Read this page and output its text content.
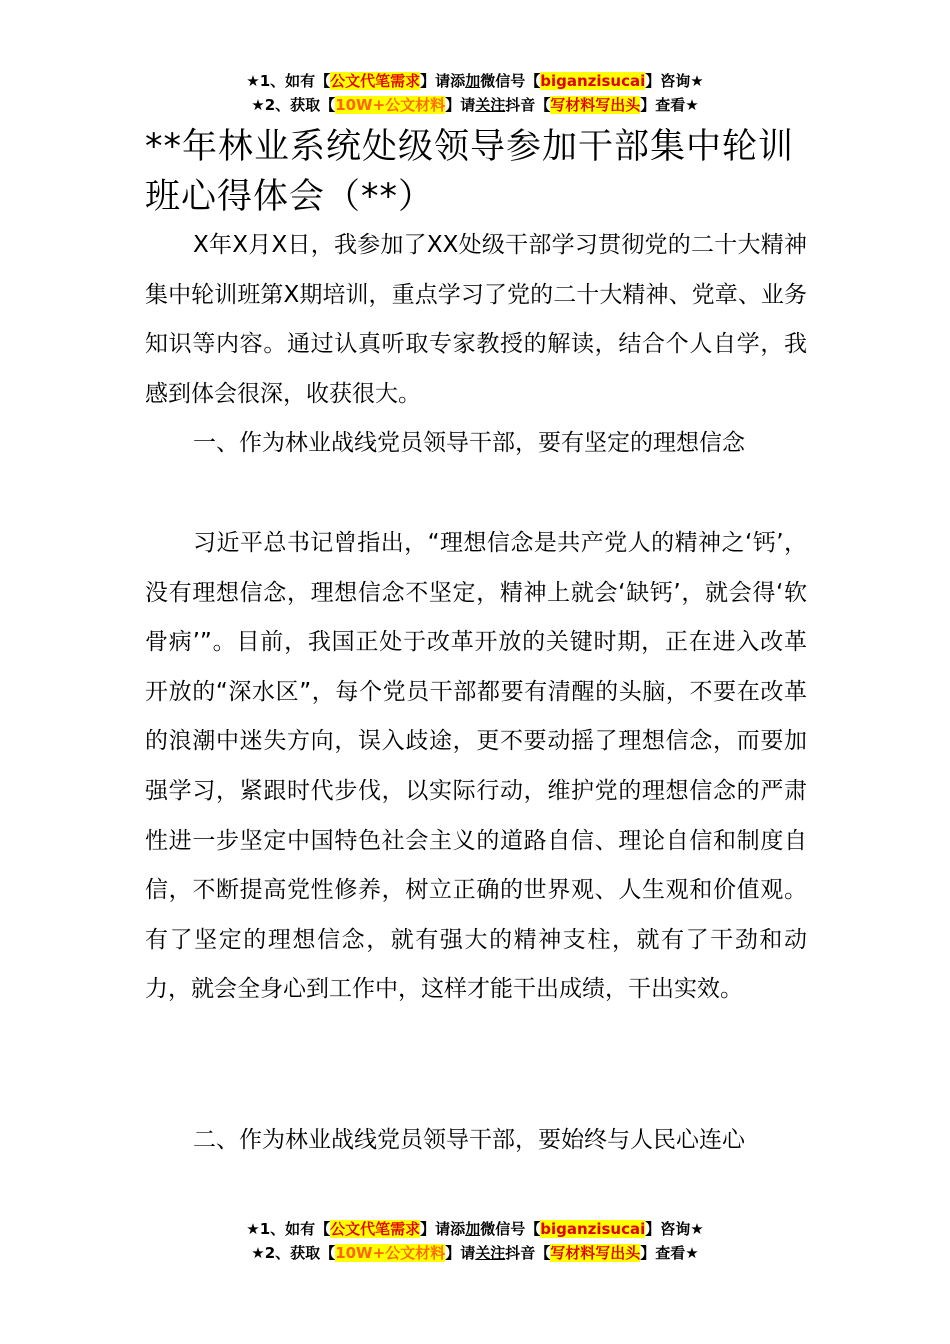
★1、如有【公文代笔需求】请添加微信号【biganzisucai】咨询★
★2、获取【10W+公文材料】请关注抖音【写材料写出头】查看★
**年林业系统处级领导参加干部集中轮训班心得体会（**）

X年X月X日，我参加了XX处级干部学习贯彻党的二十大精神集中轮训班第X期培训，重点学习了党的二十大精神、党章、业务知识等内容。通过认真听取专家教授的解读，结合个人自学，我感到体会很深，收获很大。

一、作为林业战线党员领导干部，要有坚定的理想信念

习近平总书记曾指出，“理想信念是共产党人的精神之‘钙’，没有理想信念，理想信念不坚定，精神上就会‘缺钙’，就会得‘软骨病’”。目前，我国正处于改革开放的关键时期，正在进入改革开放的“深水区”，每个党员干部都要有清醒的头脑，不要在改革的浪潮中迷失方向，误入歧途，更不要动摇了理想信念，而要加强学习，紧跟时代步伐，以实际行动，维护党的理想信念的严肃性进一步坚定中国特色社会主义的道路自信、理论自信和制度自信，不断提高党性修养，树立正确的世界观、人生观和价值观。有了坚定的理想信念，就有强大的精神支柱，就有了干劲和动力，就会全身心到工作中，这样才能干出成绩，干出实效。

二、作为林业战线党员领导干部，要始终与人民心连心

★1、如有【公文代笔需求】请添加微信号【biganzisucai】咨询★
★2、获取【10W+公文材料】请关注抖音【写材料写出头】查看★
